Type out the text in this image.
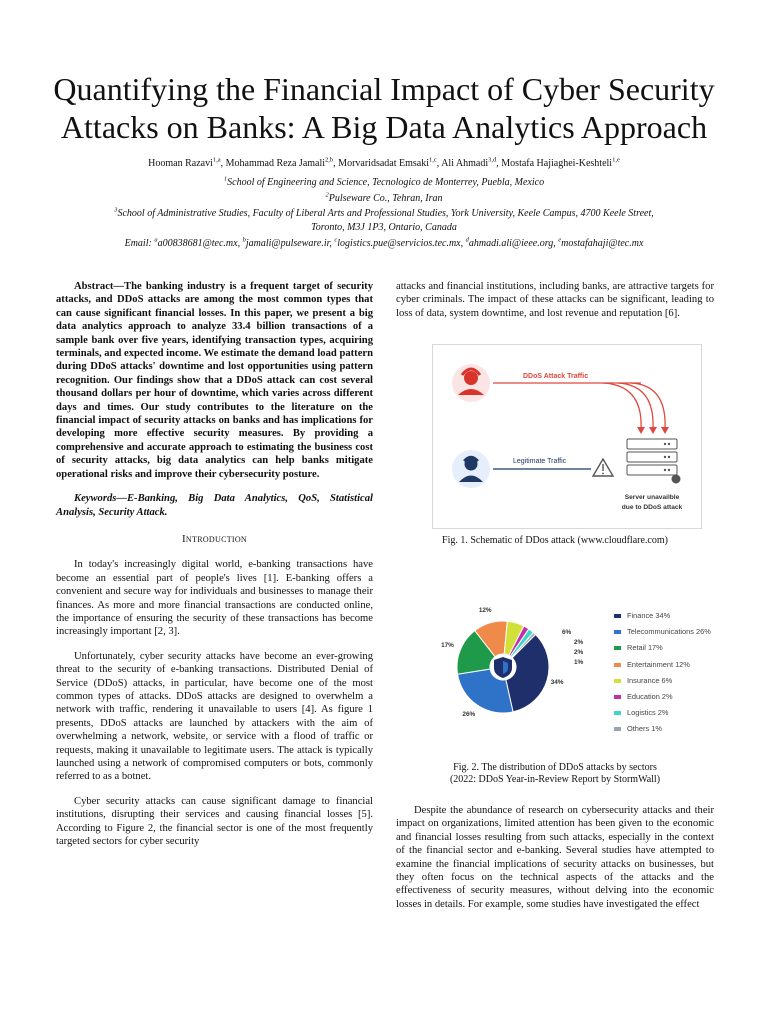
Quantifying the Financial Impact of Cyber Security Attacks on Banks: A Big Data Analytics Approach
Hooman Razavi$^{1,a}$, Mohammad Reza Jamali$^{2,b}$, Morvaridsadat Emsaki$^{1,c}$, Ali Ahmadi$^{3,d}$, Mostafa Hajiaghei-Keshteli$^{1,e}$
$^1$School of Engineering and Science, Tecnologico de Monterrey, Puebla, Mexico
$^2$Pulseware Co., Tehran, Iran
$^3$School of Administrative Studies, Faculty of Liberal Arts and Professional Studies, York University, Keele Campus, 4700 Keele Street,
Toronto, M3J 1P3, Ontario, Canada
Email: $^a$a00838681@tec.mx, $^b$jamali@pulseware.ir, $^c$logistics.pue@servicios.tec.mx, $^d$ahmadi.ali@ieee.org, $^e$mostafahaji@tec.mx

Abstract—The banking industry is a frequent target of security attacks, and DDoS attacks are among the most common types that can cause significant financial losses. In this paper, we present a big data analytics approach to analyze 33.4 billion transactions of a sample bank over five years, identifying transaction types, acquiring terminals, and expected income. We estimate the demand load pattern during DDoS attacks' downtime and lost opportunities using pattern recognition. Our findings show that a DDoS attack can cost several thousand dollars per hour of downtime, which varies across different days and times. Our study contributes to the literature on the financial impact of security attacks on banks and has implications for developing more effective security measures. By providing a comprehensive and accurate approach to estimating the business cost of security attacks, big data analytics can help banks mitigate operational risks and improve their cybersecurity posture.

Keywords—E-Banking, Big Data Analytics, QoS, Statistical Analysis, Security Attack.

Introduction

In today's increasingly digital world, e-banking transactions have become an essential part of people's lives [1]. E-banking offers a convenient and secure way for individuals and businesses to manage their finances. As more and more financial transactions are conducted online, the importance of ensuring the security of these transactions has become increasingly important [2, 3].

Unfortunately, cyber security attacks have become an ever-growing threat to the security of e-banking transactions. Distributed Denial of Service (DDoS) attacks, in particular, have become one of the most common types of attacks. DDoS attacks are designed to overwhelm a network with traffic, rendering it unavailable to users [4]. As figure 1 presents, DDoS attacks are launched by attackers with the aim of overwhelming a network, website, or service with a flood of traffic or requests, making it unavailable to legitimate users. The attack is typically launched using a network of compromised computers or bots, commonly referred to as a botnet.

Cyber security attacks can cause significant damage to financial institutions, disrupting their services and causing financial losses [5]. According to Figure 2, the financial sector is one of the most frequently targeted sectors for cyber security

attacks and financial institutions, including banks, are attractive targets for cyber criminals. The impact of these attacks can be significant, leading to loss of data, system downtime, and lost revenue and reputation [6].

DDoS Attack Traffic
Legitimate Traffic
Server unavailble
due to DDoS attack
Fig. 1. Schematic of DDos attack (www.cloudflare.com)
34%
26%
17%
12%
6%
2%
2%
1%
Finance 34%
Telecommunications 26%
Retail 17%
Entertainment 12%
Insurance 6%
Education 2%
Logistics 2%
Others 1%
Fig. 2. The distribution of DDoS attacks by sectors
(2022: DDoS Year-in-Review Report by StormWall)

Despite the abundance of research on cybersecurity attacks and their impact on organizations, limited attention has been given to the economic and financial losses resulting from such attacks, especially in the context of the financial sector and e-banking. Several studies have attempted to examine the financial implications of security attacks on businesses, but they often focus on the technical aspects of the attacks and the effectiveness of security measures, without delving into the economic losses in details. For example, some studies have investigated the effect
